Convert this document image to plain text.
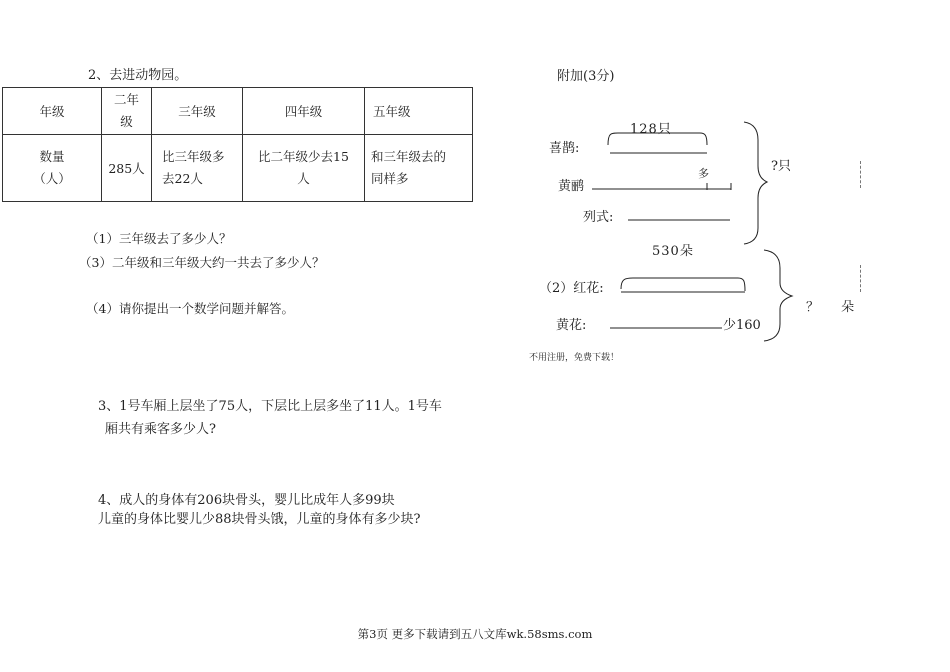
2、去进动物园。
年级	二年级	三年级	四年级	五年级

数量（人）	285人	比三年级多去22人	比二年级少去15人	和三年级去的同样多
（1）三年级去了多少人？
（3）二年级和三年级大约一共去了多少人？
（4）请你提出一个数学问题并解答。
3、1号车厢上层坐了75人，下层比上层多坐了11人。1号车
厢共有乘客多少人?
4、成人的身体有206块骨头，婴儿比成年人多99块
儿童的身体比婴儿少88块骨头饿，儿童的身体有多少块?
附加(3分)
128只
喜鹊:
黄鹂
多
列式:
?只
530朵
（2）红花:
黄花:	少160
？ 朵
不用注册，免费下载！
第3页 更多下载请到五八文库wk.58sms.com
